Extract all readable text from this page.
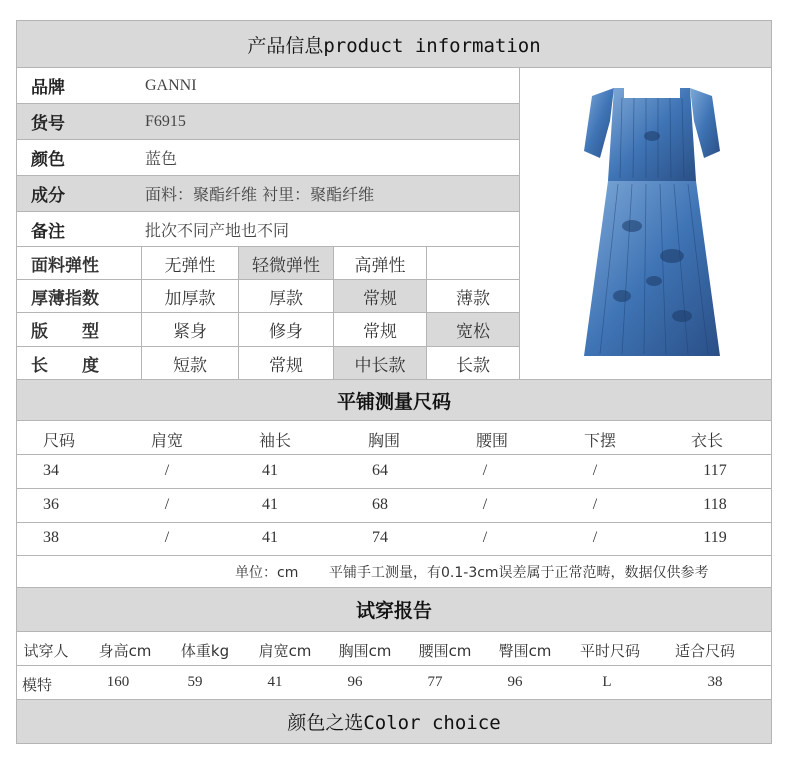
产品信息product information
品牌	GANNI
货号	F6915
颜色	蓝色
成分	面料：聚酯纤维 衬里：聚酯纤维
备注	批次不同产地也不同
面料弹性	无弹性	轻微弹性	高弹性
厚薄指数	加厚款	厚款	常规	薄款
版　　型	紧身	修身	常规	宽松
长　　度	短款	常规	中长款	长款
平铺测量尺码
尺码	肩宽	袖长	胸围	腰围	下摆	衣长
34	/	41	64	/	/	117
36	/	41	68	/	/	118
38	/	41	74	/	/	119
单位：cm 平铺手工测量，有0.1-3cm误差属于正常范畴，数据仅供参考
试穿报告
试穿人	身高cm	体重kg	肩宽cm	胸围cm	腰围cm	臀围cm	平时尺码	适合尺码
模特	160	59	41	96	77	96	L	38
颜色之选Color choice
